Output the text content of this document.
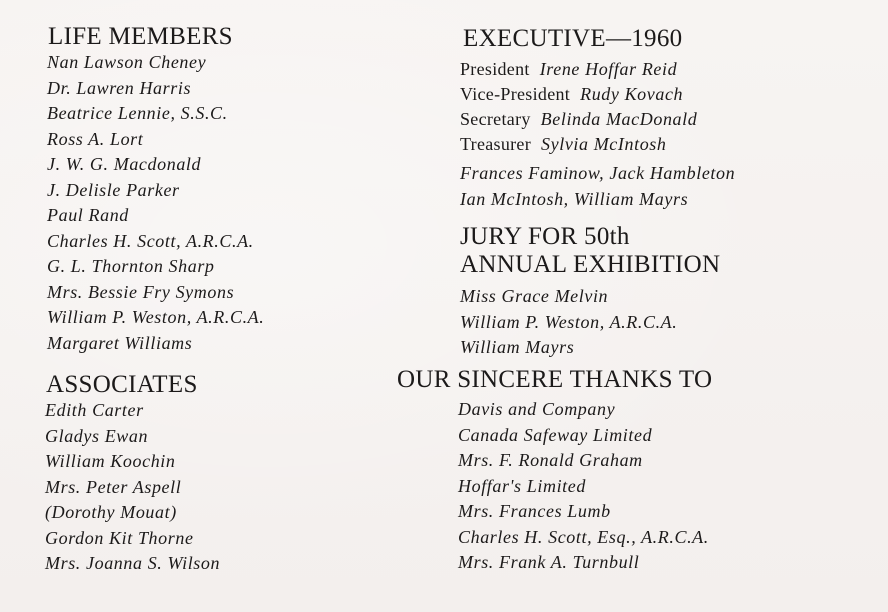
LIFE MEMBERS
Nan Lawson Cheney
Dr. Lawren Harris
Beatrice Lennie, S.S.C.
Ross A. Lort
J. W. G. Macdonald
J. Delisle Parker
Paul Rand
Charles H. Scott, A.R.C.A.
G. L. Thornton Sharp
Mrs. Bessie Fry Symons
William P. Weston, A.R.C.A.
Margaret Williams
ASSOCIATES
Edith Carter
Gladys Ewan
William Koochin
Mrs. Peter Aspell
(Dorothy Mouat)
Gordon Kit Thorne
Mrs. Joanna S. Wilson
EXECUTIVE—1960
President Irene Hoffar Reid
Vice-President Rudy Kovach
Secretary Belinda MacDonald
Treasurer Sylvia McIntosh
Frances Faminow, Jack Hambleton
Ian McIntosh, William Mayrs
JURY FOR 50th
ANNUAL EXHIBITION
Miss Grace Melvin
William P. Weston, A.R.C.A.
William Mayrs
OUR SINCERE THANKS TO
Davis and Company
Canada Safeway Limited
Mrs. F. Ronald Graham
Hoffar's Limited
Mrs. Frances Lumb
Charles H. Scott, Esq., A.R.C.A.
Mrs. Frank A. Turnbull
